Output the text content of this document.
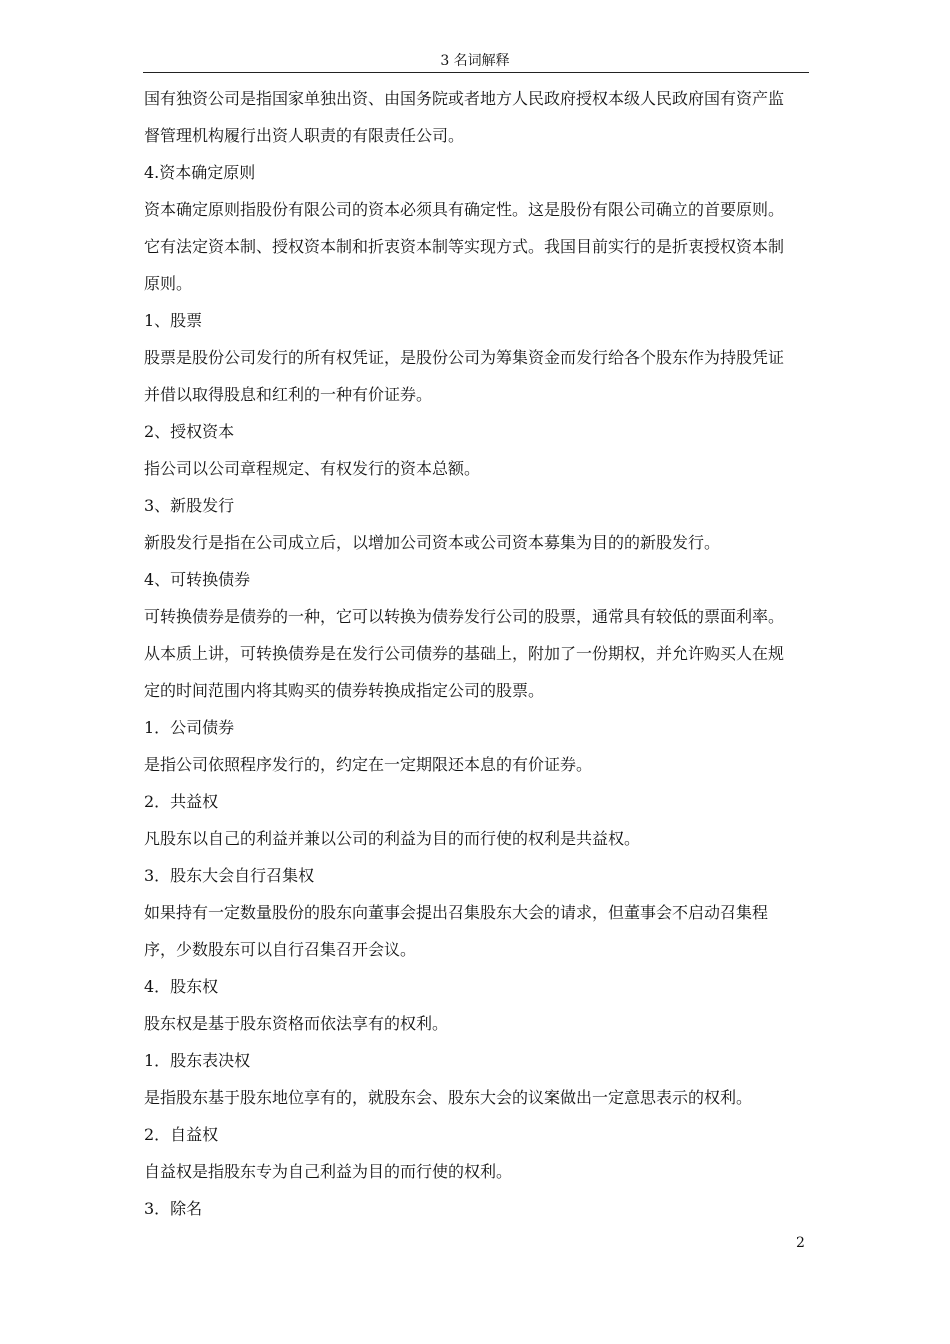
3 名词解释
国有独资公司是指国家单独出资、由国务院或者地方人民政府授权本级人民政府国有资产监
督管理机构履行出资人职责的有限责任公司。
4.资本确定原则
资本确定原则指股份有限公司的资本必须具有确定性。这是股份有限公司确立的首要原则。
它有法定资本制、授权资本制和折衷资本制等实现方式。我国目前实行的是折衷授权资本制
原则。
1、股票
股票是股份公司发行的所有权凭证，是股份公司为筹集资金而发行给各个股东作为持股凭证
并借以取得股息和红利的一种有价证券。
2、授权资本
指公司以公司章程规定、有权发行的资本总额。
3、新股发行
新股发行是指在公司成立后，以增加公司资本或公司资本募集为目的的新股发行。
4、可转换债券
可转换债券是债券的一种，它可以转换为债券发行公司的股票，通常具有较低的票面利率。
从本质上讲，可转换债券是在发行公司债券的基础上，附加了一份期权，并允许购买人在规
定的时间范围内将其购买的债券转换成指定公司的股票。
1．公司债券
是指公司依照程序发行的，约定在一定期限还本息的有价证券。
2．共益权
凡股东以自己的利益并兼以公司的利益为目的而行使的权利是共益权。
3．股东大会自行召集权
如果持有一定数量股份的股东向董事会提出召集股东大会的请求，但董事会不启动召集程
序，少数股东可以自行召集召开会议。
4．股东权
股东权是基于股东资格而依法享有的权利。
1．股东表决权
是指股东基于股东地位享有的，就股东会、股东大会的议案做出一定意思表示的权利。
2．自益权
自益权是指股东专为自己利益为目的而行使的权利。
3．除名
2
